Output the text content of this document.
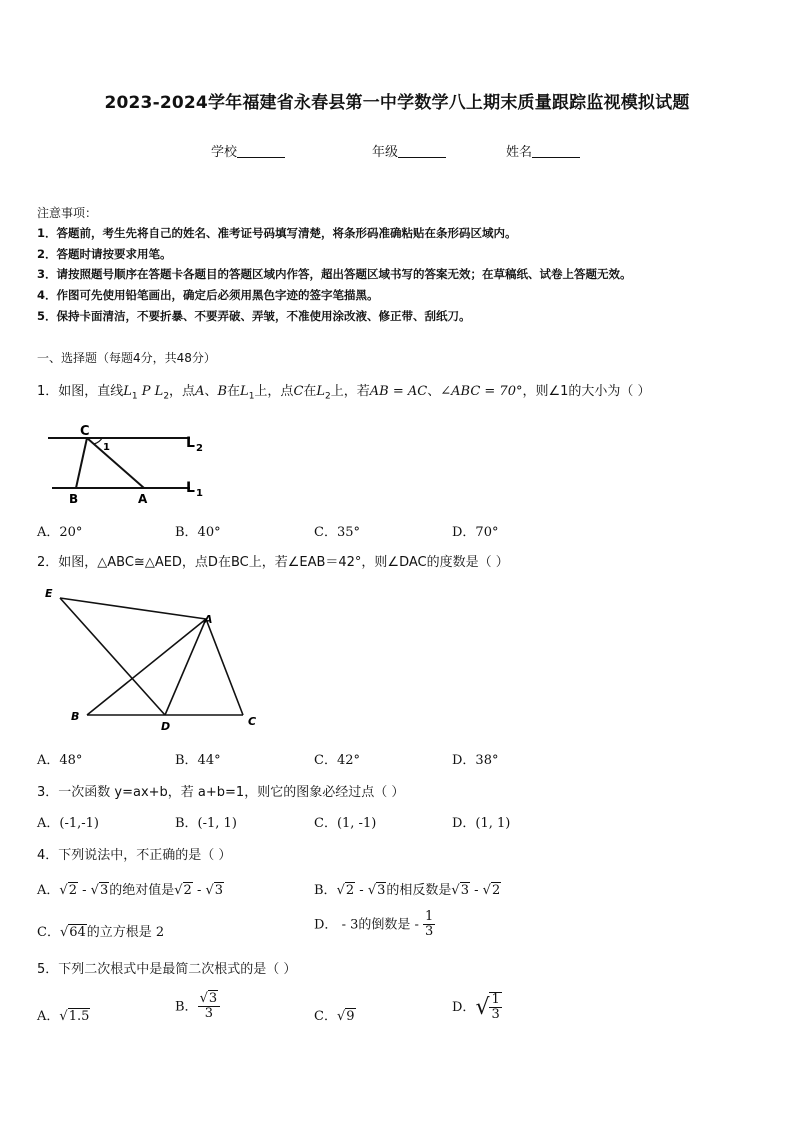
2023-2024学年福建省永春县第一中学数学八上期末质量跟踪监视模拟试题
学校	年级	姓名
注意事项：
1．答题前，考生先将自己的姓名、准考证号码填写清楚，将条形码准确粘贴在条形码区域内。
2．答题时请按要求用笔。
3．请按照题号顺序在答题卡各题目的答题区域内作答，超出答题区域书写的答案无效；在草稿纸、试卷上答题无效。
4．作图可先使用铅笔画出，确定后必须用黑色字迹的签字笔描黑。
5．保持卡面清洁，不要折暴、不要弄破、弄皱，不准使用涂改液、修正带、刮纸刀。
一、选择题（每题4分，共48分）
1．如图，直线$L_1$ P $L_2$，点A、B在$L_1$上，点C在$L_2$上，若AB = AC、∠ABC = 70°，则∠1的大小为（ ）
C
1	L 2
L 1
B	A
A．20°	B．40°	C．35°	D．70°
2．如图，△ABC≅△AED，点D在BC上，若∠EAB＝42°，则∠DAC的度数是（ ）
E
A
B
D	C
A．48°	B．44°	C．42°	D．38°
3．一次函数 y=ax+b，若 a+b=1，则它的图象必经过点（ ）
A．(-1,-1)	B．(-1, 1)	C．(1, -1)	D．(1, 1)
4．下列说法中，不正确的是（ ）
A．√2 - √3的绝对值是√2 - √3	B．√2 - √3的相反数是√3 - √2
C．√64的立方根是 2
D． - 3的倒数是 - $\frac{1}{3}$
5．下列二次根式中是最简二次根式的是（ ）
A．√1.5
B． $\frac{√3}{3}$	C．√9
D．√ $\frac{1}{3}$
